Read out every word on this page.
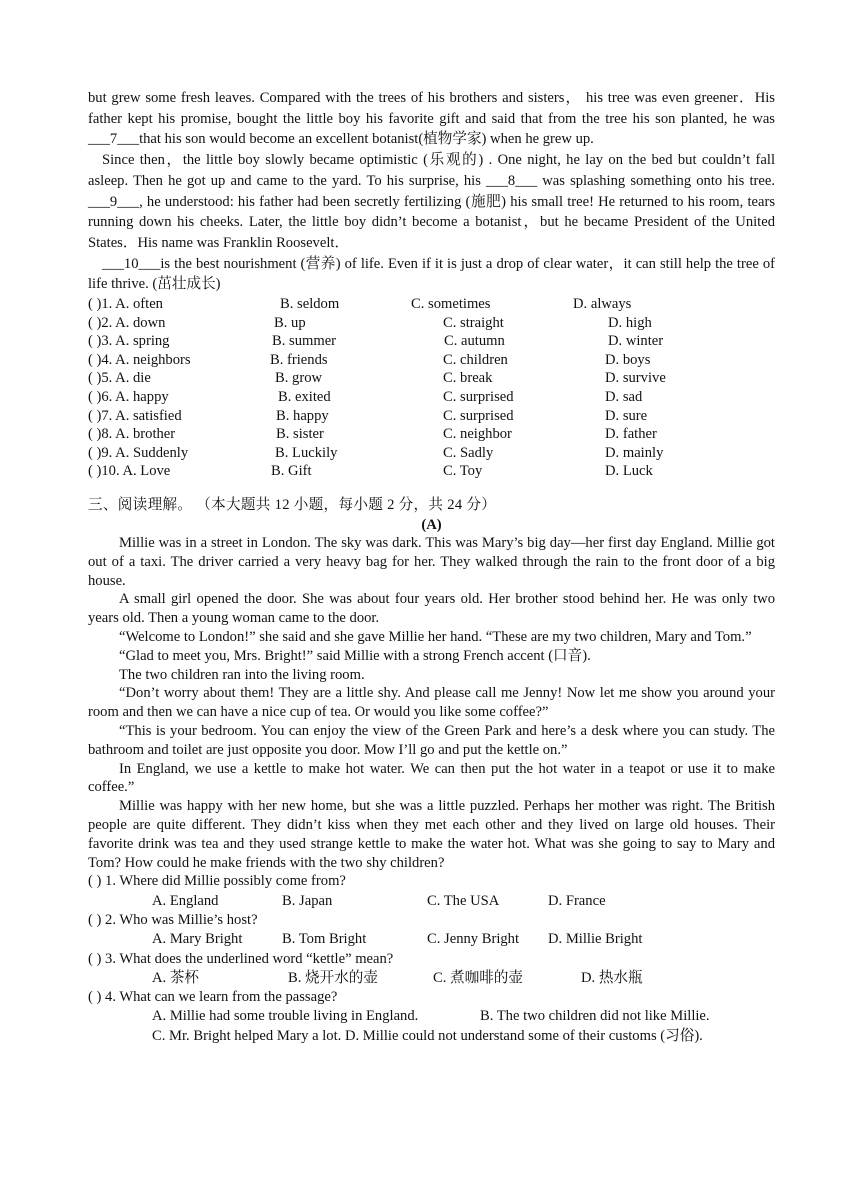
but grew some fresh leaves. Compared with the trees of his brothers and sisters， his tree was even greener．His father kept his promise, bought the little boy his favorite gift and said that from the tree his son planted, he was ___7___that his son would become an excellent botanist(植物学家) when he grew up.

Since then，the little boy slowly became optimistic (乐观的) . One night, he lay on the bed but couldn’t fall asleep. Then he got up and came to the yard. To his surprise, his ___8___ was splashing something onto his tree. ___9___, he understood: his father had been secretly fertilizing (施肥) his small tree! He returned to his room, tears running down his cheeks. Later, the little boy didn’t become a botanist，but he became President of the United States．His name was Franklin Roosevelt．

___10___is the best nourishment (营养) of life. Even if it is just a drop of clear water，it can still help the tree of life thrive. (茁壮成长)

( )1. A. often	B. seldom	C. sometimes	D. always
( )2. A. down	B. up	C. straight	D. high
( )3. A. spring	B. summer	C. autumn	D. winter
( )4. A. neighbors	B. friends	C. children	D. boys
( )5. A. die	B. grow	C. break	D. survive
( )6. A. happy	B. exited	C. surprised	D. sad
( )7. A. satisfied	B. happy	C. surprised	D. sure
( )8. A. brother	B. sister	C. neighbor	D. father
( )9. A. Suddenly	B. Luckily	C. Sadly	D. mainly
( )10. A. Love	B. Gift	C. Toy	D. Luck
三、阅读理解。 （本大题共 12 小题，每小题 2 分，共 24 分）
(A)

Millie was in a street in London. The sky was dark. This was Mary’s big day—her first day England. Millie got out of a taxi. The driver carried a very heavy bag for her. They walked through the rain to the front door of a big house.

A small girl opened the door. She was about four years old. Her brother stood behind her. He was only two years old. Then a young woman came to the door.

“Welcome to London!” she said and she gave Millie her hand. “These are my two children, Mary and Tom.”

“Glad to meet you, Mrs. Bright!” said Millie with a strong French accent (口音).

The two children ran into the living room.

“Don’t worry about them! They are a little shy. And please call me Jenny! Now let me show you around your room and then we can have a nice cup of tea. Or would you like some coffee?”

“This is your bedroom. You can enjoy the view of the Green Park and here’s a desk where you can study. The bathroom and toilet are just opposite you door. Mow I’ll go and put the kettle on.”

In England, we use a kettle to make hot water. We can then put the hot water in a teapot or use it to make coffee.”

Millie was happy with her new home, but she was a little puzzled. Perhaps her mother was right. The British people are quite different. They didn’t kiss when they met each other and they lived on large old houses. Their favorite drink was tea and they used strange kettle to make the water hot. What was she going to say to Mary and Tom? How could he make friends with the two shy children?

( ) 1. Where did Millie possibly come from?
A. England	B. Japan	C. The USA	D. France
( ) 2. Who was Millie’s host?
A. Mary Bright	B. Tom Bright	C. Jenny Bright D. Millie Bright
( ) 3. What does the underlined word “kettle” mean?
A. 茶杯	B. 烧开水的壶	C. 煮咖啡的壶	D. 热水瓶
( ) 4. What can we learn from the passage?
A. Millie had some trouble living in England.	B. The two children did not like Millie.
C. Mr. Bright helped Mary a lot. D. Millie could not understand some of their customs (习俗).
